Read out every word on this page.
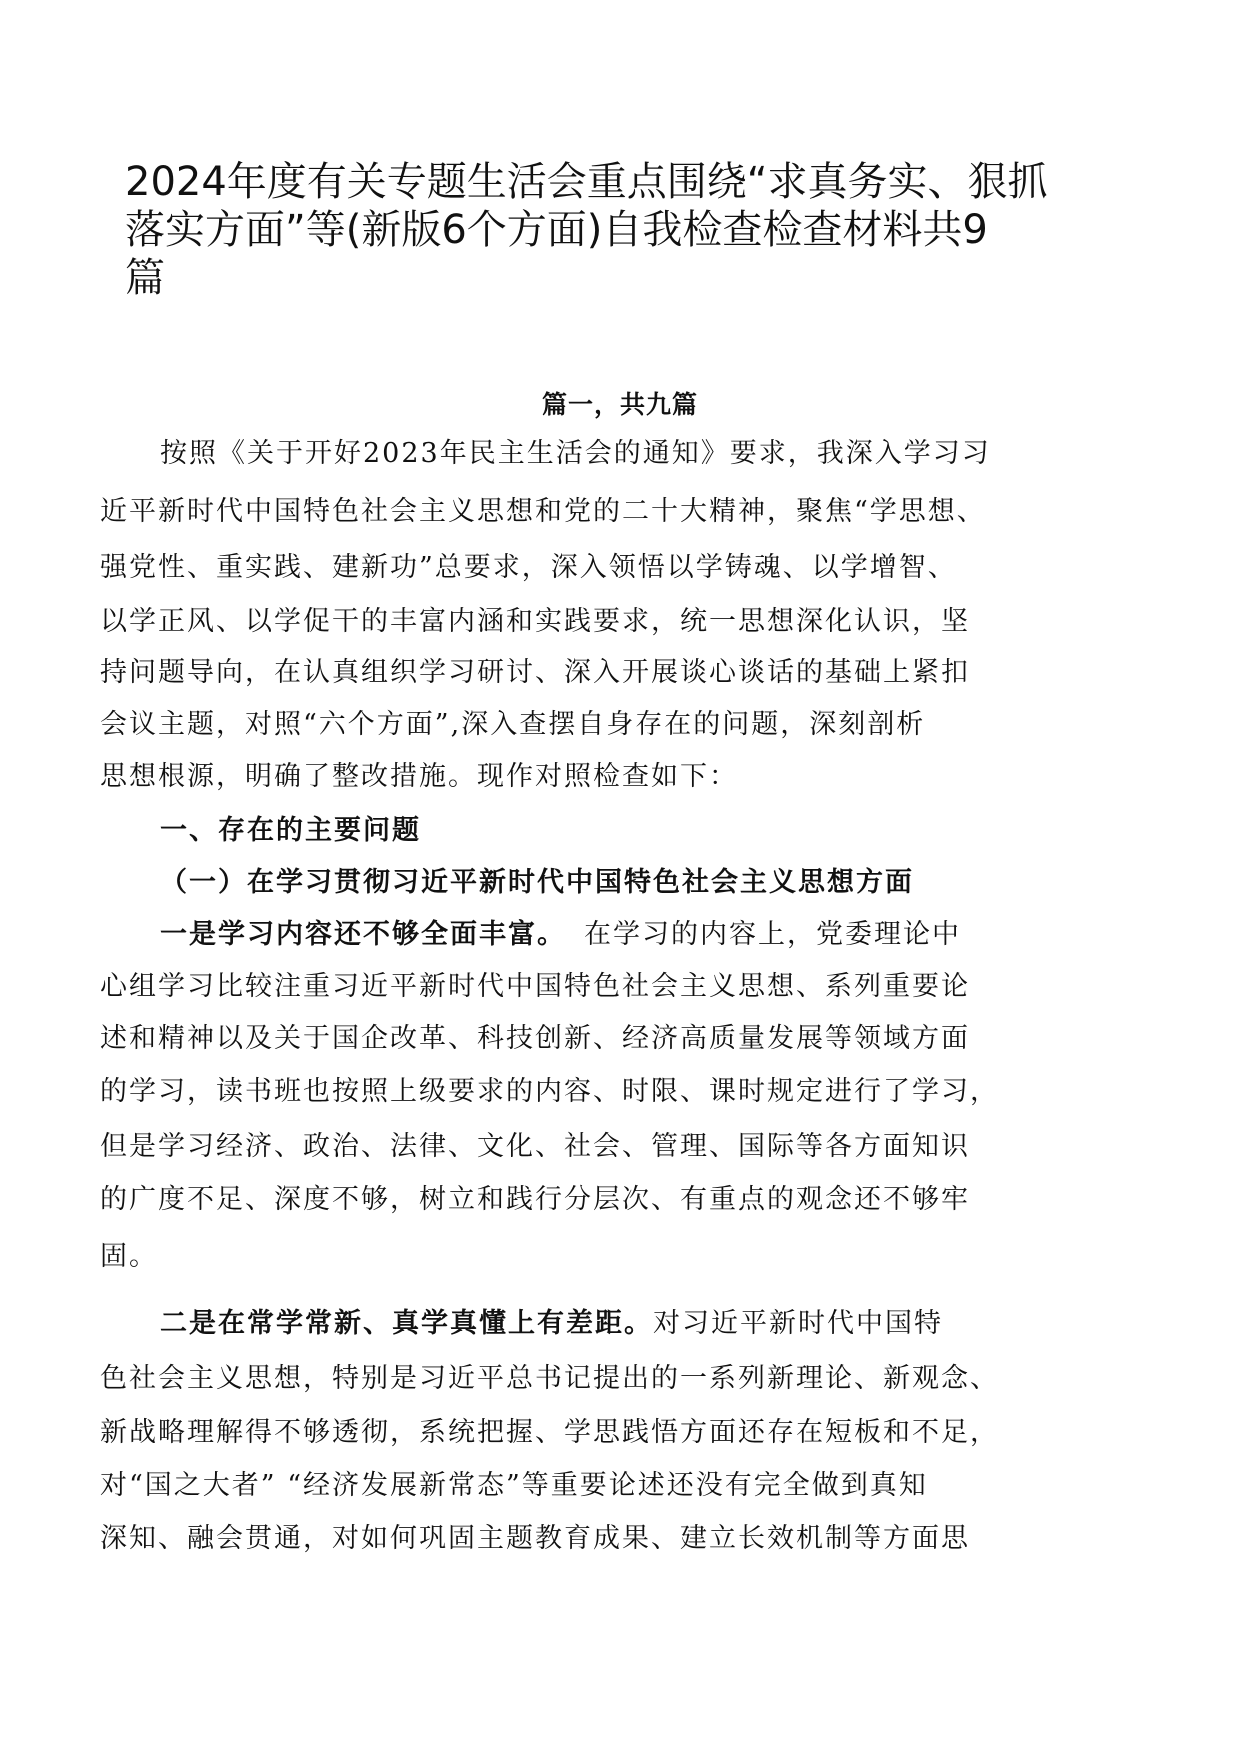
2024年度有关专题生活会重点围绕“求真务实、狠抓
落实方面”等(新版6个方面)自我检查检查材料共9
篇

篇一，共九篇

按照《关于开好2023年民主生活会的通知》要求，我深入学习习

近平新时代中国特色社会主义思想和党的二十大精神，聚焦“学思想、

强党性、重实践、建新功”总要求，深入领悟以学铸魂、以学增智、

以学正风、以学促干的丰富内涵和实践要求，统一思想深化认识，坚

持问题导向，在认真组织学习研讨、深入开展谈心谈话的基础上紧扣

会议主题，对照“六个方面”,深入查摆自身存在的问题，深刻剖析

思想根源，明确了整改措施。现作对照检查如下：

一、存在的主要问题

（一）在学习贯彻习近平新时代中国特色社会主义思想方面

一是学习内容还不够全面丰富。 在学习的内容上，党委理论中

心组学习比较注重习近平新时代中国特色社会主义思想、系列重要论

述和精神以及关于国企改革、科技创新、经济高质量发展等领域方面

的学习，读书班也按照上级要求的内容、时限、课时规定进行了学习，

但是学习经济、政治、法律、文化、社会、管理、国际等各方面知识

的广度不足、深度不够，树立和践行分层次、有重点的观念还不够牢

固。

二是在常学常新、真学真懂上有差距。对习近平新时代中国特

色社会主义思想，特别是习近平总书记提出的一系列新理论、新观念、

新战略理解得不够透彻，系统把握、学思践悟方面还存在短板和不足，

对“国之大者” “经济发展新常态”等重要论述还没有完全做到真知

深知、融会贯通，对如何巩固主题教育成果、建立长效机制等方面思
